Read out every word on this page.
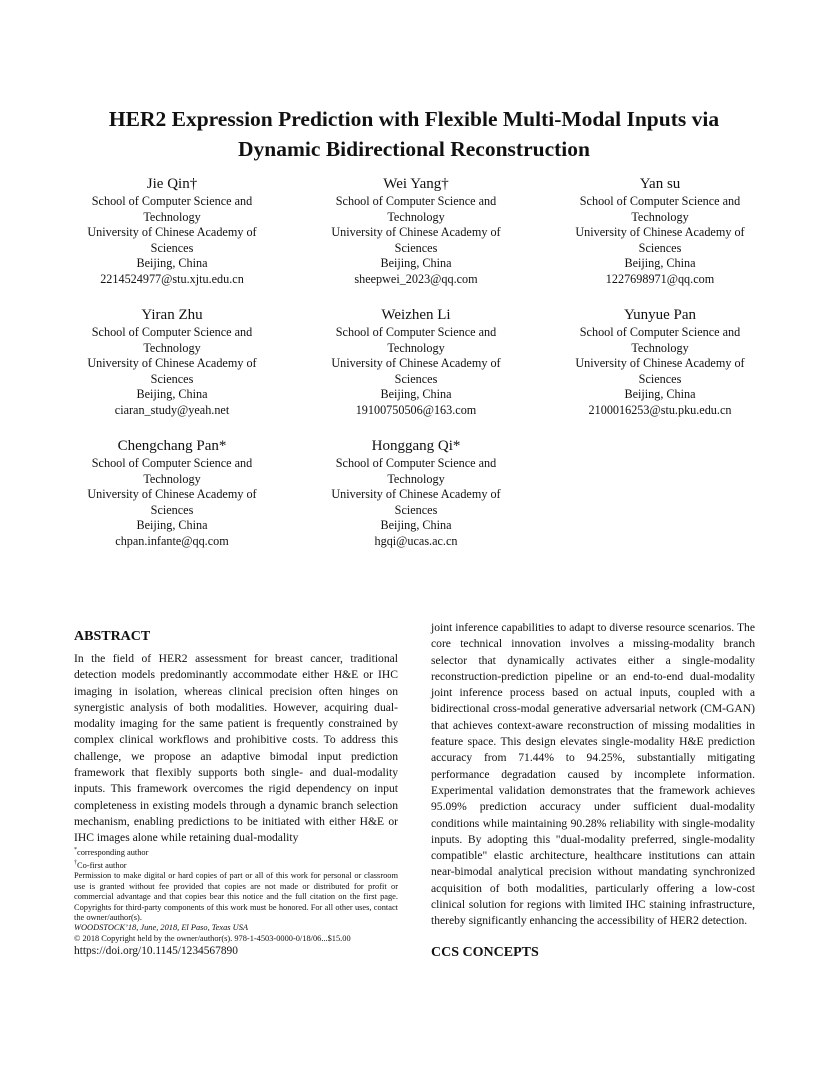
HER2 Expression Prediction with Flexible Multi-Modal Inputs via
Dynamic Bidirectional Reconstruction
Jie Qin†
School of Computer Science and
Technology
University of Chinese Academy of
Sciences
Beijing, China
2214524977@stu.xjtu.edu.cn
Wei Yang†
School of Computer Science and
Technology
University of Chinese Academy of
Sciences
Beijing, China
sheepwei_2023@qq.com
Yan su
School of Computer Science and
Technology
University of Chinese Academy of
Sciences
Beijing, China
1227698971@qq.com
Yiran Zhu
School of Computer Science and
Technology
University of Chinese Academy of
Sciences
Beijing, China
ciaran_study@yeah.net
Weizhen Li
School of Computer Science and
Technology
University of Chinese Academy of
Sciences
Beijing, China
19100750506@163.com
Yunyue Pan
School of Computer Science and
Technology
University of Chinese Academy of
Sciences
Beijing, China
2100016253@stu.pku.edu.cn
Chengchang Pan*
School of Computer Science and
Technology
University of Chinese Academy of
Sciences
Beijing, China
chpan.infante@qq.com
Honggang Qi*
School of Computer Science and
Technology
University of Chinese Academy of
Sciences
Beijing, China
hgqi@ucas.ac.cn
ABSTRACT

In the field of HER2 assessment for breast cancer, traditional detection models predominantly accommodate either H&E or IHC imaging in isolation, whereas clinical precision often hinges on synergistic analysis of both modalities. However, acquiring dual-modality imaging for the same patient is frequently constrained by complex clinical workflows and prohibitive costs. To address this challenge, we propose an adaptive bimodal input prediction framework that flexibly supports both single- and dual-modality inputs. This framework overcomes the rigid dependency on input completeness in existing models through a dynamic branch selection mechanism, enabling predictions to be initiated with either H&E or IHC images alone while retaining dual-modality

*corresponding author

†Co-first author

Permission to make digital or hard copies of part or all of this work for personal or classroom use is granted without fee provided that copies are not made or distributed for profit or commercial advantage and that copies bear this notice and the full citation on the first page. Copyrights for third-party components of this work must be honored. For all other uses, contact the owner/author(s).

WOODSTOCK’18, June, 2018, El Paso, Texas USA

© 2018 Copyright held by the owner/author(s). 978-1-4503-0000-0/18/06...$15.00

https://doi.org/10.1145/1234567890

joint inference capabilities to adapt to diverse resource scenarios. The core technical innovation involves a missing-modality branch selector that dynamically activates either a single-modality reconstruction-prediction pipeline or an end-to-end dual-modality joint inference process based on actual inputs, coupled with a bidirectional cross-modal generative adversarial network (CM-GAN) that achieves context-aware reconstruction of missing modalities in feature space. This design elevates single-modality H&E prediction accuracy from 71.44% to 94.25%, substantially mitigating performance degradation caused by incomplete information. Experimental validation demonstrates that the framework achieves 95.09% prediction accuracy under sufficient dual-modality conditions while maintaining 90.28% reliability with single-modality inputs. By adopting this "dual-modality preferred, single-modality compatible" elastic architecture, healthcare institutions can attain near-bimodal analytical precision without mandating synchronized acquisition of both modalities, particularly offering a low-cost clinical solution for regions with limited IHC staining infrastructure, thereby significantly enhancing the accessibility of HER2 detection.

CCS CONCEPTS
